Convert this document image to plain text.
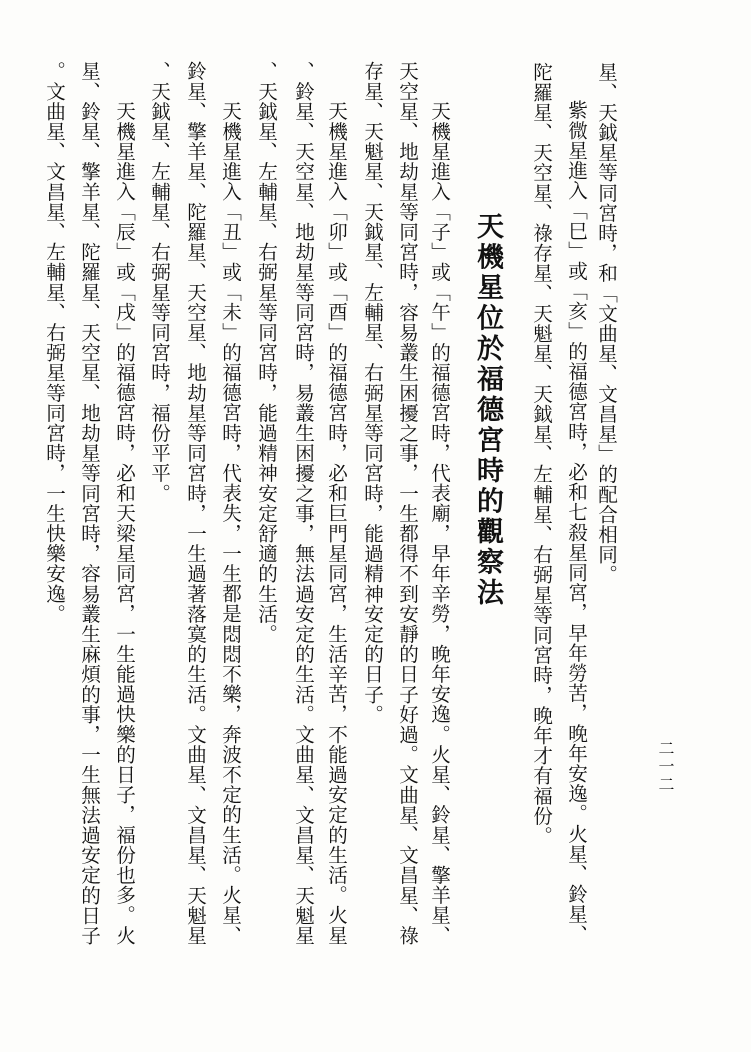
二一二
星、天鉞星等同宮時，和「文曲星、文昌星」的配合相同。
紫微星進入「巳」或「亥」的福德宮時，必和七殺星同宮，早年勞苦，晚年安逸。火星、鈴星、
陀羅星、天空星、祿存星、天魁星、天鉞星、左輔星、右弼星等同宮時，晚年才有福份。
天機星位於福德宮時的觀察法
天機星進入「子」或「午」的福德宮時，代表廟，早年辛勞，晚年安逸。火星、鈴星、擎羊星、
天空星、地劫星等同宮時，容易叢生困擾之事，一生都得不到安靜的日子好過。文曲星、文昌星、祿
存星、天魁星、天鉞星、左輔星、右弼星等同宮時，能過精神安定的日子。
天機星進入「卯」或「酉」的福德宮時，必和巨門星同宮，生活辛苦，不能過安定的生活。火星
、鈴星、天空星、地劫星等同宮時，易叢生困擾之事，無法過安定的生活。文曲星、文昌星、天魁星
、天鉞星、左輔星、右弼星等同宮時，能過精神安定舒適的生活。
天機星進入「丑」或「未」的福德宮時，代表失，一生都是悶悶不樂，奔波不定的生活。火星、
鈴星、擎羊星、陀羅星、天空星、地劫星等同宮時，一生過著落寞的生活。文曲星、文昌星、天魁星
、天鉞星、左輔星、右弼星等同宮時，福份平平。
天機星進入「辰」或「戌」的福德宮時，必和天梁星同宮，一生能過快樂的日子，福份也多。火
星、鈴星、擎羊星、陀羅星、天空星、地劫星等同宮時，容易叢生麻煩的事，一生無法過安定的日子
。文曲星、文昌星、左輔星、右弼星等同宮時，一生快樂安逸。
